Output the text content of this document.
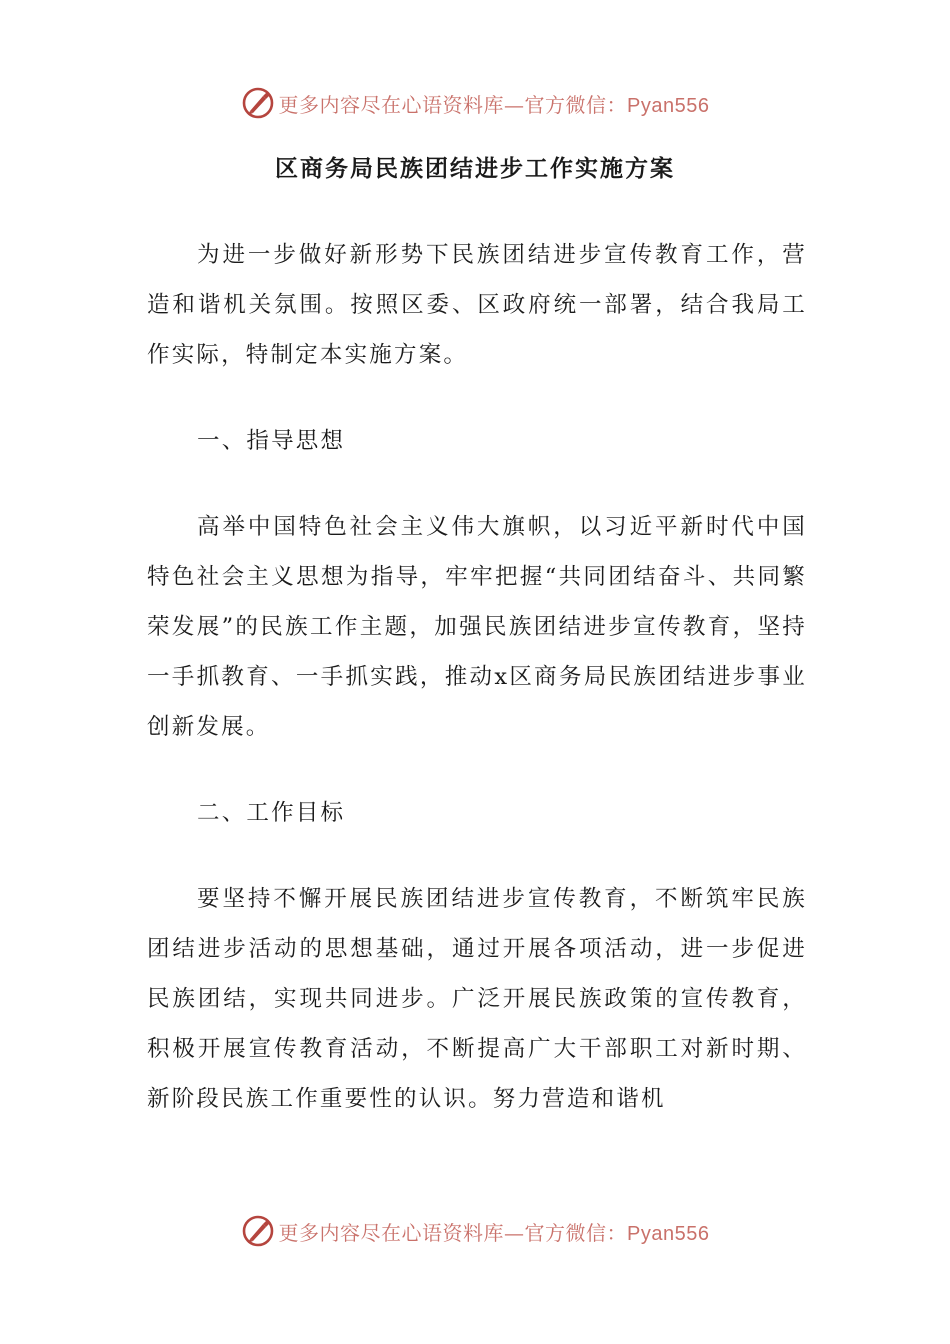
更多内容尽在心语资料库—官方微信：Pyan556
区商务局民族团结进步工作实施方案

为进一步做好新形势下民族团结进步宣传教育工作，营造和谐机关氛围。按照区委、区政府统一部署，结合我局工作实际，特制定本实施方案。

一、指导思想

高举中国特色社会主义伟大旗帜，以习近平新时代中国特色社会主义思想为指导，牢牢把握“共同团结奋斗、共同繁荣发展”的民族工作主题，加强民族团结进步宣传教育，坚持一手抓教育、一手抓实践，推动x区商务局民族团结进步事业创新发展。

二、工作目标

要坚持不懈开展民族团结进步宣传教育，不断筑牢民族团结进步活动的思想基础，通过开展各项活动，进一步促进民族团结，实现共同进步。广泛开展民族政策的宣传教育，积极开展宣传教育活动，不断提高广大干部职工对新时期、新阶段民族工作重要性的认识。努力营造和谐机

更多内容尽在心语资料库—官方微信：Pyan556
